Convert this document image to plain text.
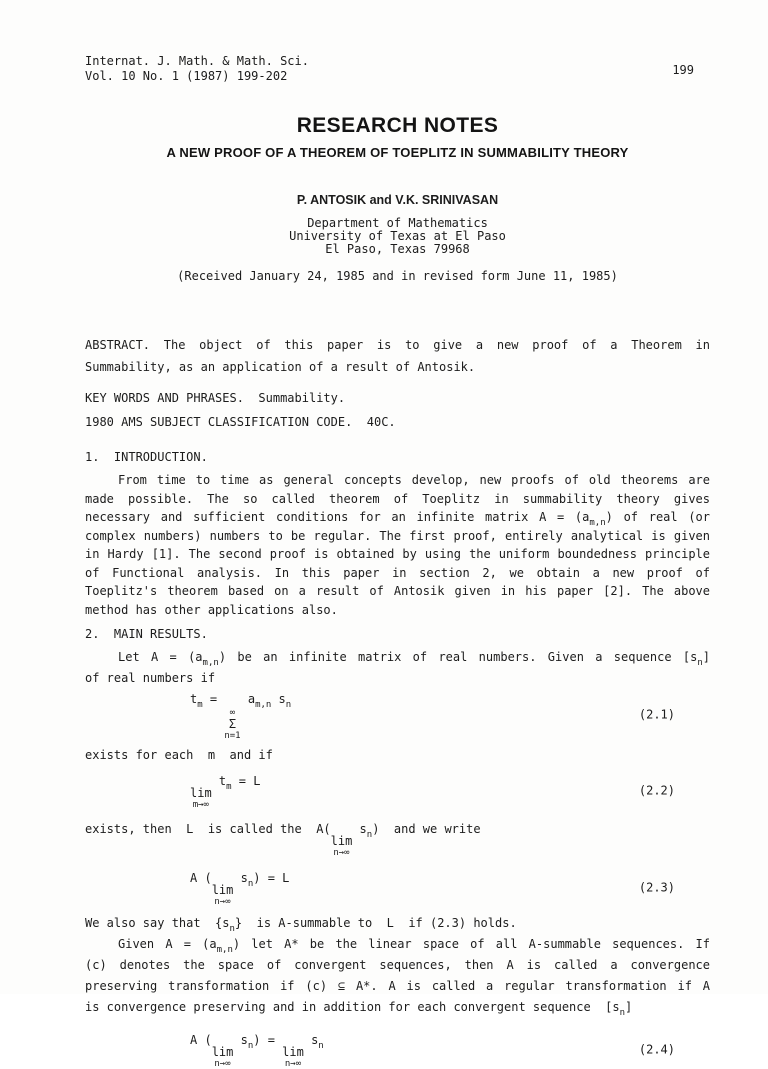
Internat. J. Math. & Math. Sci.
Vol. 10 No. 1 (1987) 199-202	199
RESEARCH NOTES
A NEW PROOF OF A THEOREM OF TOEPLITZ IN SUMMABILITY THEORY
P. ANTOSIK and V.K. SRINIVASAN
Department of Mathematics
University of Texas at El Paso
El Paso, Texas 79968
(Received January 24, 1985 and in revised form June 11, 1985)
ABSTRACT. The object of this paper is to give a new proof of a Theorem in
Summability, as an application of a result of Antosik.
KEY WORDS AND PHRASES.  Summability.
1980 AMS SUBJECT CLASSIFICATION CODE.  40C.
1.  INTRODUCTION.
From time to time as general concepts develop, new proofs of old theorems are
made possible. The so called theorem of Toeplitz in summability theory gives
necessary and sufficient conditions for an infinite matrix $A = (a_{m,n})$ of real (or
complex numbers) numbers to be regular. The first proof, entirely analytical is given
in Hardy [1]. The second proof is obtained by using the uniform boundedness principle
of Functional analysis. In this paper in section 2, we obtain a new proof of
Toeplitz's theorem based on a result of Antosik given in his paper [2]. The above
method has other applications also.
2.  MAIN RESULTS.
Let $A = (a_{m,n})$ be an infinite matrix of real numbers. Given a sequence $[s_n]$
of real numbers if
$t_m$ =
∞
Σ
n=1
$a_{m,n}$ $s_n$
(2.1)
exists for each  m  and if
lim
m→∞
$t_m = L$
(2.2)
exists, then  L  is called the  A(
lim
n→∞
$s_n$)  and we write
A (
lim
n→∞
$s_n) = L$
(2.3)
We also say that  $\{s_n\}$  is A-summable to  L  if (2.3) holds.
Given $A = (a_{m,n})$ let A* be the linear space of all A-summable sequences. If
(c) denotes the space of convergent sequences, then A is called a convergence
preserving transformation if (c) ⊆ A*. A is called a regular transformation if A
is convergence preserving and in addition for each convergent sequence  $[s_n]$
A (
lim
n→∞
$s_n$) =
lim
n→∞
$s_n$	(2.4)
